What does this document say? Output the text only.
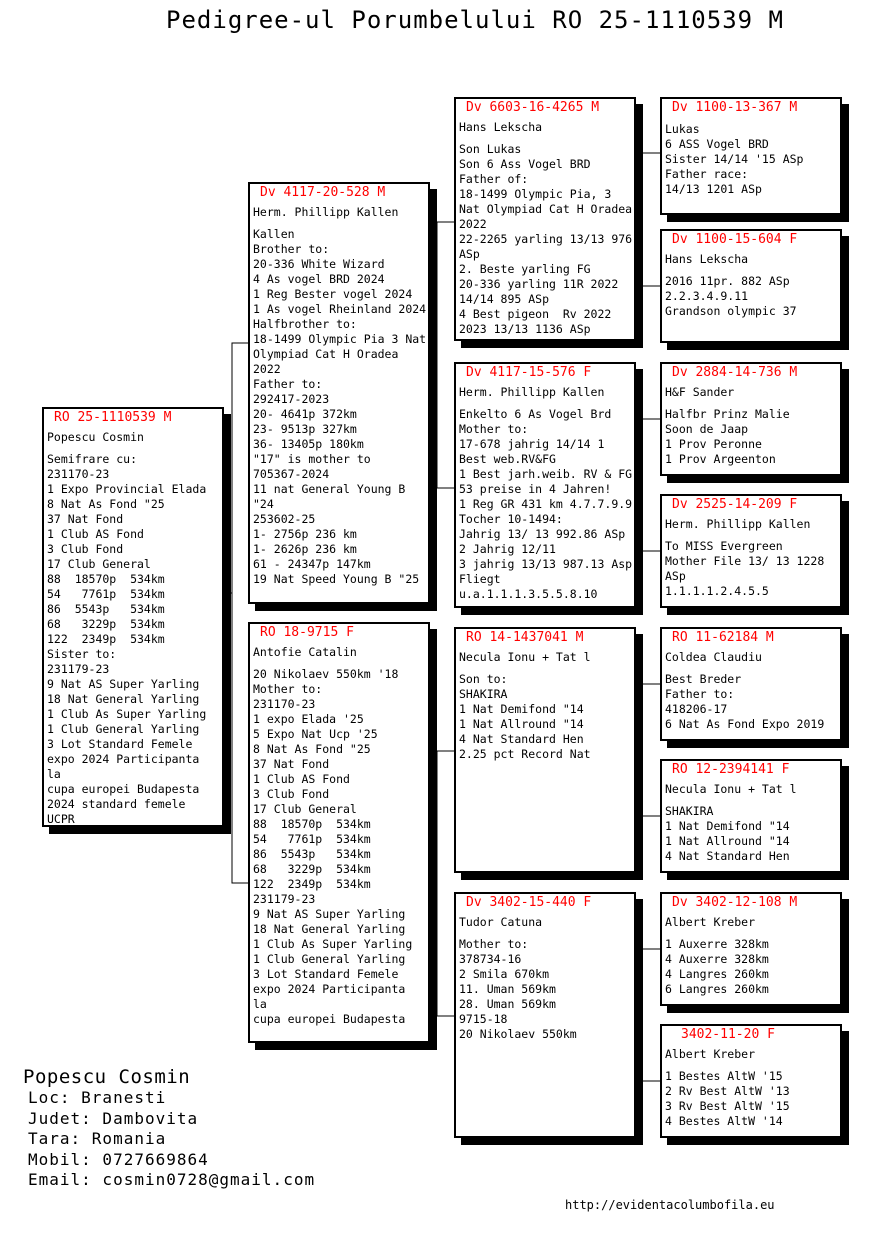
Pedigree-ul Porumbelului RO 25-1110539 M
RO 25-1110539 M
Popescu Cosmin
Semifrare cu:
231170-23
1 Expo Provincial Elada
8 Nat As Fond "25
37 Nat Fond
1 Club AS Fond
3 Club Fond
17 Club General
88  18570p  534km
54   7761p  534km
86  5543p   534km
68   3229p  534km
122  2349p  534km
Sister to:
231179-23
9 Nat AS Super Yarling
18 Nat General Yarling
1 Club As Super Yarling
1 Club General Yarling
3 Lot Standard Femele
expo 2024 Participanta
la
cupa europei Budapesta
2024 standard femele
UCPR
Dv 4117-20-528 M
Herm. Phillipp Kallen
Kallen
Brother to:
20-336 White Wizard
4 As vogel BRD 2024
1 Reg Bester vogel 2024
1 As vogel Rheinland 2024
Halfbrother to:
18-1499 Olympic Pia 3 Nat
Olympiad Cat H Oradea
2022
Father to:
292417-2023
20- 4641p 372km
23- 9513p 327km
36- 13405p 180km
"17" is mother to
705367-2024
11 nat General Young B
"24
253602-25
1- 2756p 236 km
1- 2626p 236 km
61 - 24347p 147km
19 Nat Speed Young B "25
RO 18-9715 F
Antofie Catalin
20 Nikolaev 550km '18
Mother to:
231170-23
1 expo Elada '25
5 Expo Nat Ucp '25
8 Nat As Fond "25
37 Nat Fond
1 Club AS Fond
3 Club Fond
17 Club General
88  18570p  534km
54   7761p  534km
86  5543p   534km
68   3229p  534km
122  2349p  534km
231179-23
9 Nat AS Super Yarling
18 Nat General Yarling
1 Club As Super Yarling
1 Club General Yarling
3 Lot Standard Femele
expo 2024 Participanta
la
cupa europei Budapesta
Dv 6603-16-4265 M
Hans Lekscha
Son Lukas
Son 6 Ass Vogel BRD
Father of:
18-1499 Olympic Pia, 3
Nat Olympiad Cat H Oradea
2022
22-2265 yarling 13/13 976
ASp
2. Beste yarling FG
20-336 yarling 11R 2022
14/14 895 ASp
4 Best pigeon  Rv 2022
2023 13/13 1136 ASp
Dv 4117-15-576 F
Herm. Phillipp Kallen
Enkelto 6 As Vogel Brd
Mother to:
17-678 jahrig 14/14 1
Best web.RV&FG
1 Best jarh.weib. RV & FG
53 preise in 4 Jahren!
1 Reg GR 431 km 4.7.7.9.9
Tocher 10-1494:
Jahrig 13/ 13 992.86 ASp
2 Jahrig 12/11
3 jahrig 13/13 987.13 Asp
Fliegt
u.a.1.1.1.3.5.5.8.10
RO 14-1437041 M
Necula Ionu + Tat l
Son to:
SHAKIRA
1 Nat Demifond "14
1 Nat Allround "14
4 Nat Standard Hen
2.25 pct Record Nat
Dv 3402-15-440 F
Tudor Catuna
Mother to:
378734-16
2 Smila 670km
11. Uman 569km
28. Uman 569km
9715-18
20 Nikolaev 550km
Dv 1100-13-367 M
Lukas
6 ASS Vogel BRD
Sister 14/14 '15 ASp
Father race:
14/13 1201 ASp
Dv 1100-15-604 F
Hans Lekscha
2016 11pr. 882 ASp
2.2.3.4.9.11
Grandson olympic 37
Dv 2884-14-736 M
H&F Sander
Halfbr Prinz Malie
Soon de Jaap
1 Prov Peronne
1 Prov Argeenton
Dv 2525-14-209 F
Herm. Phillipp Kallen
To MISS Evergreen
Mother File 13/ 13 1228
ASp
1.1.1.1.2.4.5.5
RO 11-62184 M
Coldea Claudiu
Best Breder
Father to:
418206-17
6 Nat As Fond Expo 2019
RO 12-2394141 F
Necula Ionu + Tat l
SHAKIRA
1 Nat Demifond "14
1 Nat Allround "14
4 Nat Standard Hen
Dv 3402-12-108 M
Albert Kreber
1 Auxerre 328km
4 Auxerre 328km
4 Langres 260km
6 Langres 260km
3402-11-20 F
Albert Kreber
1 Bestes AltW '15
2 Rv Best AltW '13
3 Rv Best AltW '15
4 Bestes AltW '14
Popescu Cosmin
Loc: Branesti
Judet: Dambovita
Tara: Romania
Mobil: 0727669864
Email: cosmin0728@gmail.com
http://evidentacolumbofila.eu
